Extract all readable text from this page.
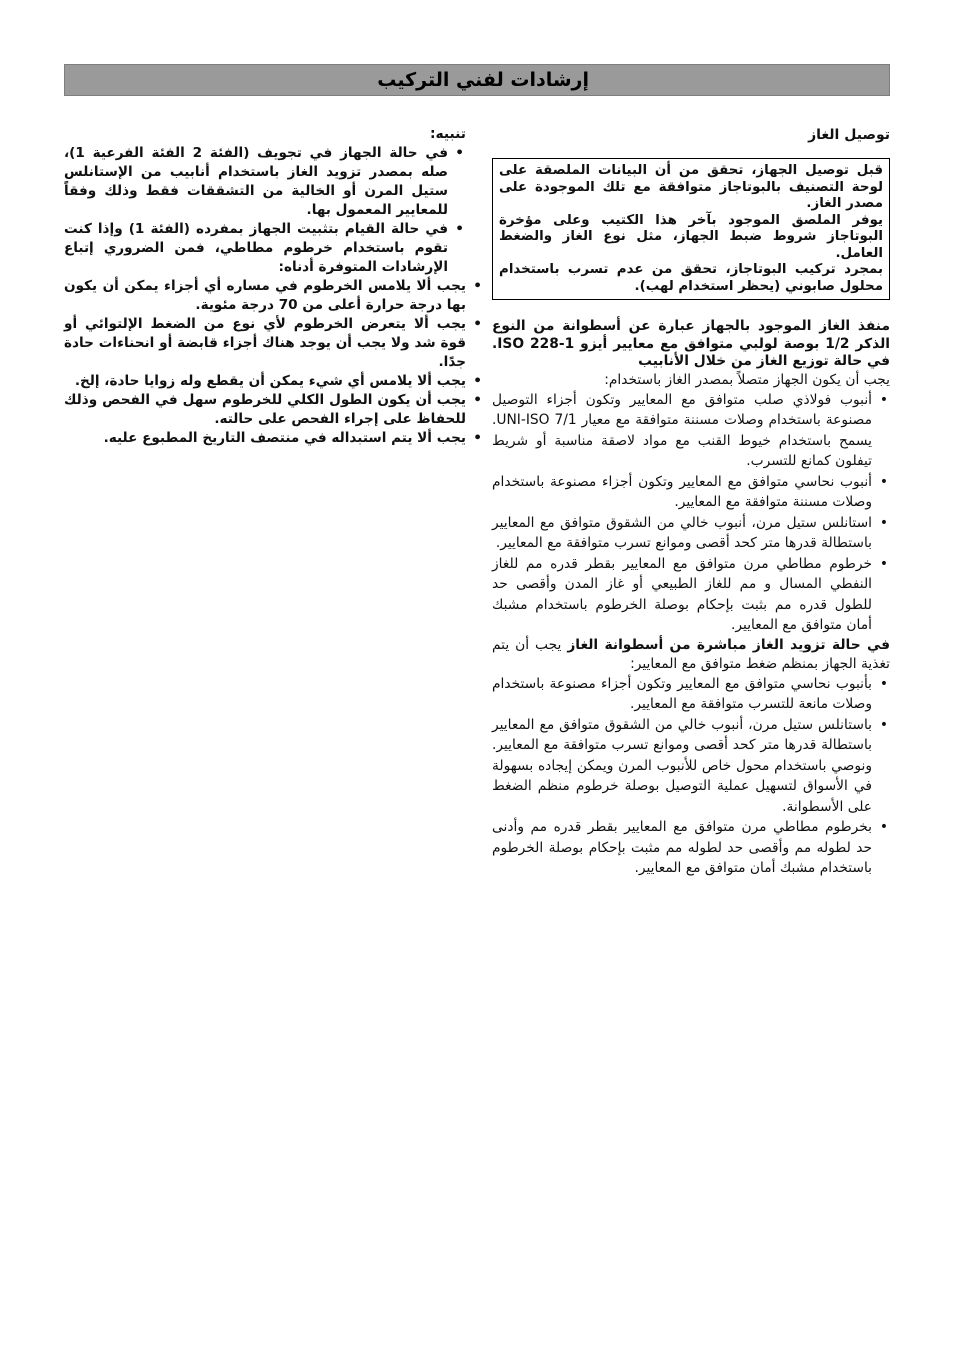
إرشادات لفني التركيب
توصيل الغاز

قبل توصيل الجهاز، تحقق من أن البيانات الملصقة على لوحة التصنيف بالبوتاجاز متوافقة مع تلك الموجودة على مصدر الغاز.

يوفر الملصق الموجود بآخر هذا الكتيب وعلى مؤخرة البوتاجاز شروط ضبط الجهاز، مثل نوع الغاز والضغط العامل.

بمجرد تركيب البوتاجاز، تحقق من عدم تسرب باستخدام محلول صابوني (يحظر استخدام لهب).

منفذ الغاز الموجود بالجهاز عبارة عن أسطوانة من النوع الذكر 1/2 بوصة لولبي متوافق مع معايير أيزو ISO 228-1. في حالة توزيع الغاز من خلال الأنابيب

يجب أن يكون الجهاز متصلاً بمصدر الغاز باستخدام:

• أنبوب فولاذي صلب متوافق مع المعايير وتكون أجزاء التوصيل مصنوعة باستخدام وصلات مسننة متوافقة مع معيار UNI-ISO 7/1. يسمح باستخدام خيوط القنب مع مواد لاصقة مناسبة أو شريط تيفلون كمانع للتسرب.
• أنبوب نحاسي متوافق مع المعايير وتكون أجزاء مصنوعة باستخدام وصلات مسننة متوافقة مع المعايير.
• استانلس ستيل مرن، أنبوب خالي من الشقوق متوافق مع المعايير باستطالة قدرها متر كحد أقصى وموانع تسرب متوافقة مع المعايير.
• خرطوم مطاطي مرن متوافق مع المعايير بقطر قدره مم للغاز النفطي المسال و مم للغاز الطبيعي أو غاز المدن وأقصى حد للطول قدره مم بثبت بإحكام بوصلة الخرطوم باستخدام مشبك أمان متوافق مع المعايير.

في حالة تزويد الغاز مباشرة من أسطوانة الغاز يجب أن يتم تغذية الجهاز بمنظم ضغط متوافق مع المعايير:

• بأنبوب نحاسي متوافق مع المعايير وتكون أجزاء مصنوعة باستخدام وصلات مانعة للتسرب متوافقة مع المعايير.
• باستانلس ستيل مرن، أنبوب خالي من الشقوق متوافق مع المعايير باستطالة قدرها متر كحد أقصى وموانع تسرب متوافقة مع المعايير. ونوصي باستخدام محول خاص للأنبوب المرن ويمكن إيجاده بسهولة في الأسواق لتسهيل عملية التوصيل بوصلة خرطوم منظم الضغط على الأسطوانة.
• بخرطوم مطاطي مرن متوافق مع المعايير بقطر قدره مم وأدنى حد لطوله مم وأقصى حد لطوله مم مثبت بإحكام بوصلة الخرطوم باستخدام مشبك أمان متوافق مع المعايير.
تنبيه:
• في حالة الجهاز في تجويف (الفئة 2 الفئة الفرعية 1)، صله بمصدر تزويد الغاز باستخدام أنابيب من الإستانلس ستيل المرن أو الخالية من التشققات فقط وذلك وفقاً للمعايير المعمول بها.
• في حالة القيام بتثبيت الجهاز بمفرده (الفئة 1) وإذا كنت تقوم باستخدام خرطوم مطاطي، فمن الضروري إتباع الإرشادات المتوفرة أدناه:
• يجب ألا يلامس الخرطوم في مساره أي أجزاء يمكن أن يكون بها درجة حرارة أعلى من 70 درجة مئوية.
• يجب ألا يتعرض الخرطوم لأي نوع من الضغط الإلتوائي أو قوة شد ولا يجب أن يوجد هناك أجزاء قابضة أو انحناءات حادة جدًا.
• يجب ألا يلامس أي شيء يمكن أن يقطع وله زوايا حادة، إلخ.
• يجب أن يكون الطول الكلي للخرطوم سهل في الفحص وذلك للحفاظ على إجراء الفحص على حالته.
• يجب ألا يتم استبداله في منتصف التاريخ المطبوع عليه.
